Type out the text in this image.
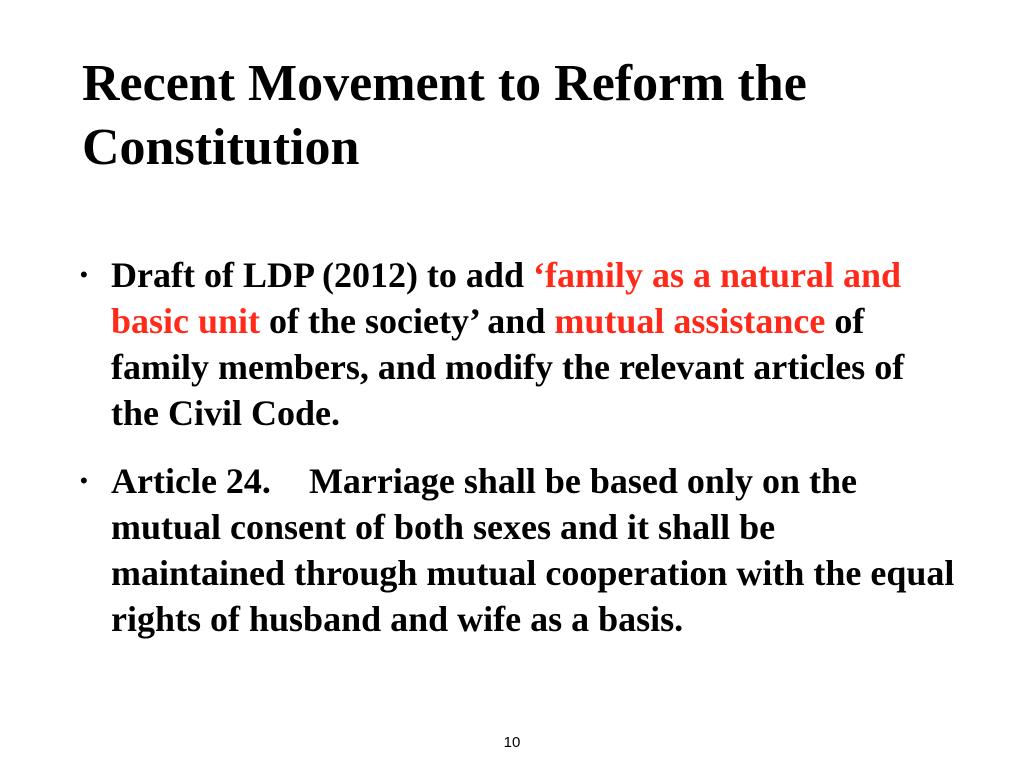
Recent Movement to Reform the Constitution
• Draft of LDP (2012) to add ‘family as a natural and basic unit of the society’ and mutual assistance of family members, and modify the relevant articles of the Civil Code.
• Article 24. Marriage shall be based only on the mutual consent of both sexes and it shall be maintained through mutual cooperation with the equal rights of husband and wife as a basis.
10
